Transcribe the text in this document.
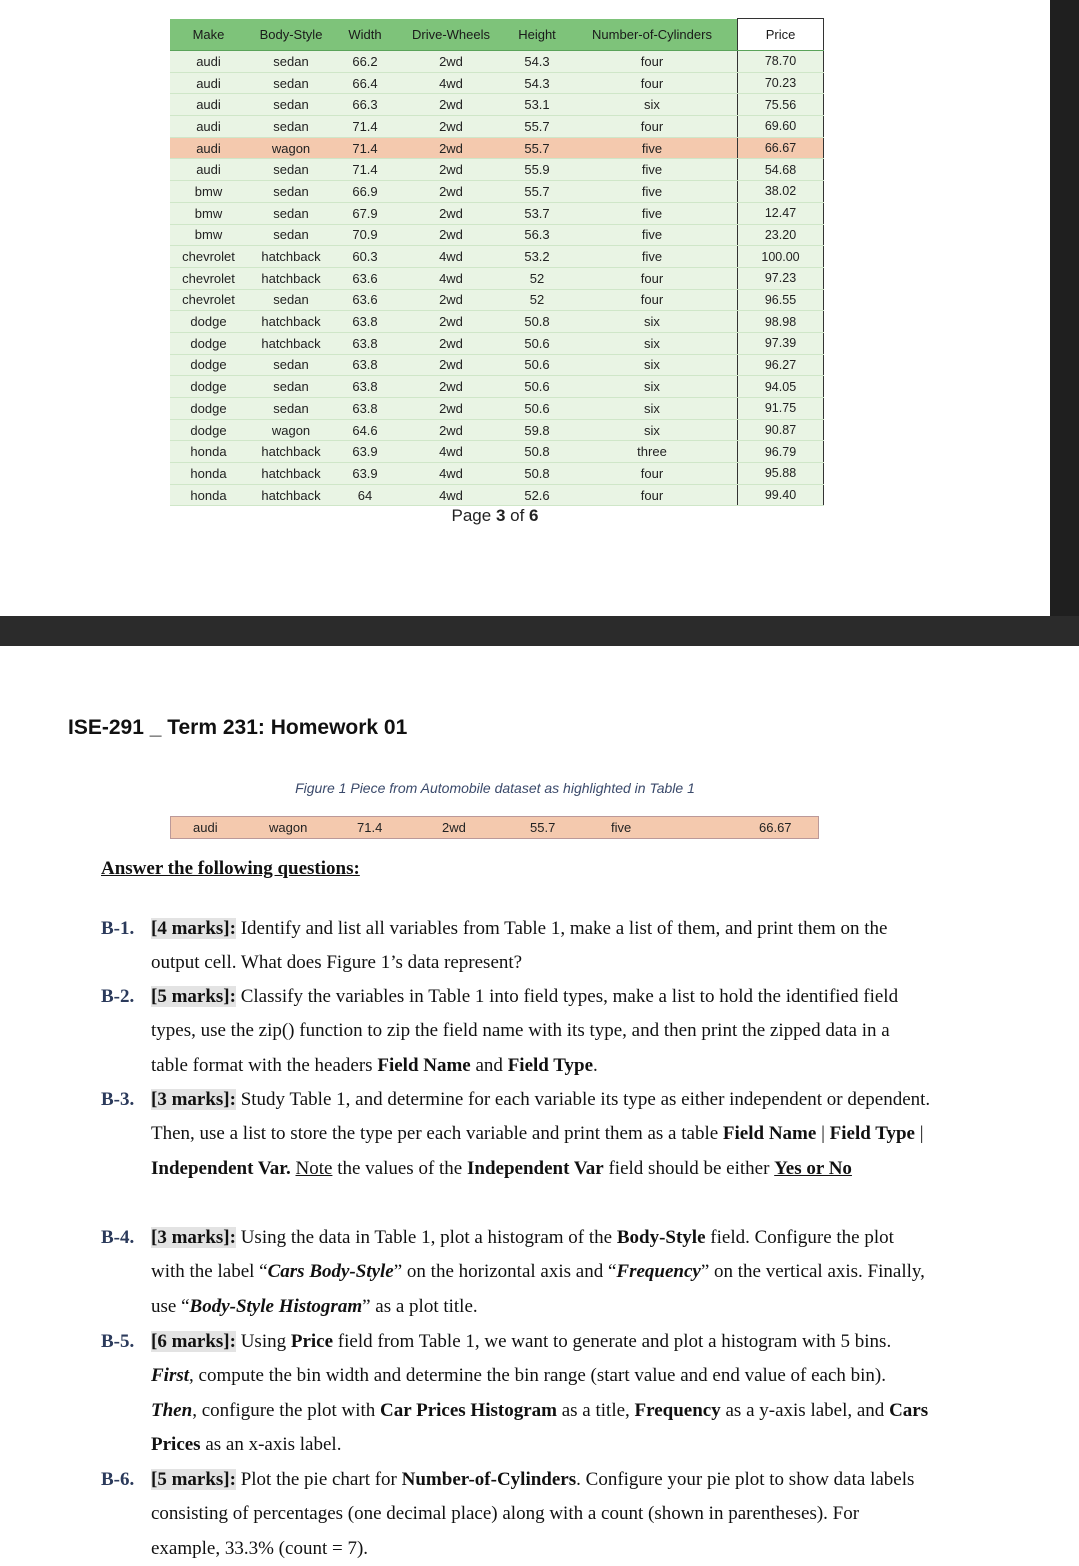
Make	Body-Style	Width	Drive-Wheels	Height	Number-of-Cylinders	Price
audi	sedan	66.2	2wd	54.3	four	78.70
audi	sedan	66.4	4wd	54.3	four	70.23
audi	sedan	66.3	2wd	53.1	six	75.56
audi	sedan	71.4	2wd	55.7	four	69.60
audi	wagon	71.4	2wd	55.7	five	66.67
audi	sedan	71.4	2wd	55.9	five	54.68
bmw	sedan	66.9	2wd	55.7	five	38.02
bmw	sedan	67.9	2wd	53.7	five	12.47
bmw	sedan	70.9	2wd	56.3	five	23.20
chevrolet	hatchback	60.3	4wd	53.2	five	100.00
chevrolet	hatchback	63.6	4wd	52	four	97.23
chevrolet	sedan	63.6	2wd	52	four	96.55
dodge	hatchback	63.8	2wd	50.8	six	98.98
dodge	hatchback	63.8	2wd	50.6	six	97.39
dodge	sedan	63.8	2wd	50.6	six	96.27
dodge	sedan	63.8	2wd	50.6	six	94.05
dodge	sedan	63.8	2wd	50.6	six	91.75
dodge	wagon	64.6	2wd	59.8	six	90.87
honda	hatchback	63.9	4wd	50.8	three	96.79
honda	hatchback	63.9	4wd	50.8	four	95.88
honda	hatchback	64	4wd	52.6	four	99.40
Page 3 of 6
ISE-291 _ Term 231: Homework 01
Figure 1 Piece from Automobile dataset as highlighted in Table 1
audi	wagon	71.4	2wd	55.7	five	66.67
Answer the following questions:
B-1. [4 marks]: Identify and list all variables from Table 1, make a list of them, and print them on the output cell. What does Figure 1’s data represent?
B-2. [5 marks]: Classify the variables in Table 1 into field types, make a list to hold the identified field types, use the zip() function to zip the field name with its type, and then print the zipped data in a table format with the headers Field Name and Field Type.
B-3. [3 marks]: Study Table 1, and determine for each variable its type as either independent or dependent. Then, use a list to store the type per each variable and print them as a table Field Name | Field Type | Independent Var. Note the values of the Independent Var field should be either Yes or No
B-4. [3 marks]: Using the data in Table 1, plot a histogram of the Body-Style field. Configure the plot with the label “Cars Body-Style” on the horizontal axis and “Frequency” on the vertical axis. Finally, use “Body-Style Histogram” as a plot title.
B-5. [6 marks]: Using Price field from Table 1, we want to generate and plot a histogram with 5 bins. First, compute the bin width and determine the bin range (start value and end value of each bin). Then, configure the plot with Car Prices Histogram as a title, Frequency as a y-axis label, and Cars Prices as an x-axis label.
B-6. [5 marks]: Plot the pie chart for Number-of-Cylinders. Configure your pie plot to show data labels consisting of percentages (one decimal place) along with a count (shown in parentheses). For example, 33.3% (count = 7).
